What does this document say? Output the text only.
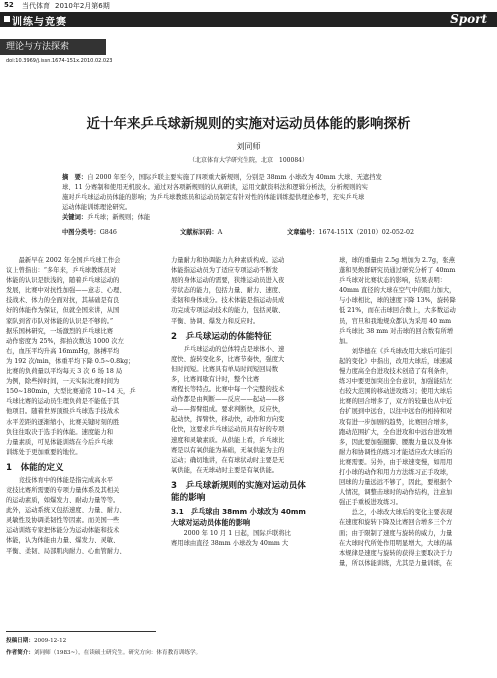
52 当代体育 2010年2月第6期
训练与竞赛	Sport
理论与方法探索
doi:10.3969/j.issn.1674-151x.2010.02.023
近十年来乒乓球新规则的实施对运动员体能的影响探析
刘同师
（北京体育大学研究生院，北京　100084）
摘　要：自 2000 年至今，国际乒联主要实施了四项重大新规则，分别是 38mm 小球改为 40mm 大球、无遮挡发
球、11 分赛制和使用无机胶水。通过对各项新规则的认真研读，运用文献资料法和逻辑分析法，分析规则的实
施对乒乓球运动员体能的影响；为乒乓球教练员和运动员制定有针对性的体能训练提供理论参考，充实乒乓球
运动体能训练理论研究。
关键词：乒乓球；新规则；体能
中图分类号：G846	文献标识码：A	文章编号：1674-151X（2010）02-052-02
　　最新早在 2002 年全国乒乓球工作会
议上曾指出：“多年来，乒乓球教练员对
体能的认识是肤浅的，随着乒乓球运动的
发展，比赛中对抗性加强——意志、心理、
技战术、体力的全面对抗，其基础是有良
好的体能作为保证，但就全国来讲，从国
家队到省市队对体能的认识是不够的。”
据乐国林研究，一场激烈的乒乓球比赛
动作密度为 25%，挥拍次数达 1000 次左
右，血压平均升高 16mmHg，脉搏平均
为 192 次/min，体重平均下降 0.5~0.8kg；
比赛的负荷量以平均每天 3 次 6 场 18 局
为例，除些掉时间，一天实际比赛时间为
150~180min，大型比赛通常 10~14 天，乒
乓球比赛的运动员生理负荷是不能低于其
他项目。随着世界顶级乒乓球选手技战术
水平差距的逐渐缩小，比赛关键时刻的胜
负往往取决于选手的体能。速度能力和
力量素质，可见体能训练在今后乒乓球
训练处于更加重要的地位。
1　体能的定义
　　竞技体育中的体能是指完成高水平
竞技比赛所需要的专项力量体系及其相关
的运动素质，如爆发力、耐动力量等等。
此外，运动系统又包括速度、力量、耐力、
灵敏性及协调柔韧性等因素。而美国一些
运动训练专家把体能分为运动体能和技术
体能，认为体能由力量、爆发力、灵敏、
平衡、柔韧、局部肌肉耐力、心血管耐力、
力量耐力和协调能力九种素质构成。运动
体能指运动员为了适应专项运动不断发
展的身体运动的需要，狭维运动员进入夜
劳状态的能力，包括力量、耐力、速度、
柔韧和身体成分。技术体能是指运动员成
功完成专项运动技术的能力，包括灵敏、
平衡、协调、爆发力和反应时。
2　乒乓球运动的体能特征
　　乒乓球运动的总体特点是球体小、速
度快、旋转变化多，比赛节奏快，强度大
但时间短。比赛具有单局时间短回局数
多，比赛间歇有计时，整个比赛
赛程长等特点。比赛中每一个完整的技术
动作都是由判断——反应——起动——移
动——挥臂组成。要求判断快，反应快，
起动快，挥臂快，移动快，动作和方向变
化快，这要求乒乓球运动员具有好的专项
速度和灵敏素质。从供能上看，乒乓球比
赛是以有氧供能为基础，无氧供能为主的
运动；确切地讲，在有球状动时主要是无
氧供能，在无球动时主要是有氧供能。
3　乒乓球新规则的实施对运动员体能的影响
3.1　乒乓球由 38mm 小球改为 40mm 大球对运动员体能的影响
　　2000 年 10 月 1 日起，国际乒联将比
赛用球由直径 38mm 小球改为 40mm 大
球，球的重量由 2.5g 增加为 2.7g，张燕
蓬和吴焕群研究员通过研究分析了 40mm
乒乓球对比赛状态的影响，结果表明：
40mm 直径的大球在空气中的阻力加大，
与小球相比，球的速度下降 13%，旋转降
低 21%，而在击球回合数上，大多数运动
员，官旦和我地规众都认为采用 40 mm
乒乓球比 38 mm 对击球的回合数有所增
加。
　　刘华德在《乒乓球改用大球后可能引
起的变化》中指出，改用大球后，球速减
慢力度高全台进攻技术创造了有利条件，
练习中要更加突出全台意识，加强能结左
右较大范围的移动进攻练习；使用大球后
比赛的回合增多了，双方的较量也从中近
台扩展到中远台，以往中远台的相持和对
攻有进一步加剧的趋势，比赛回合增多，
跑动范围扩大，全台进攻和中远台进攻增
多，因此要加强腿脚、腰腹力量以及身体
耐力和协调性的练习才能适应改大球后的
比赛需要。另外，由于球速变慢，如用用
打小球的动作和用力方法练习正手攻球，
回球的力量远远不够了，因此，要根据个
人情况，调整击球时的动作结构，注意加
强正手重板进攻练习。
　　总之，小球改大球后的变化主要表现
在速度和旋转下降及比赛回合增多三个方
面；由于限制了速度与旋转的威力，力量
在大球时代所处作用明显增大，大球的基
本规律是速度与旋转的获得主要取决于力
量，所以体能训练，尤其是力量训练，在
投稿日期：2009-12-12
作者简介：刘同师（1983~），在读硕士研究生。研究方向：体育教育训练学。
